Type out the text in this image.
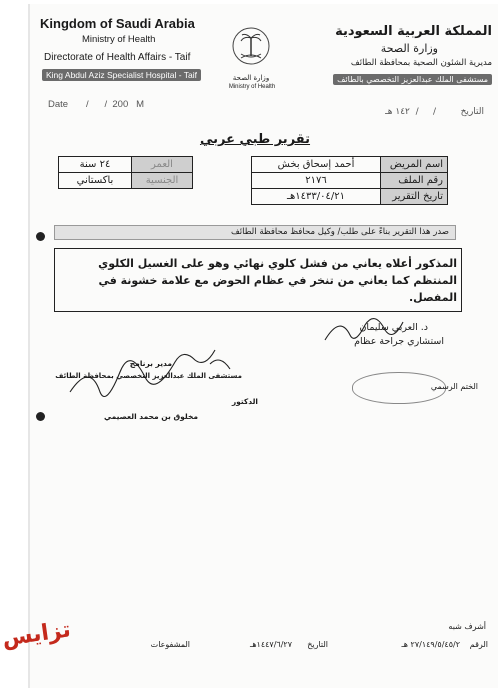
Kingdom of Saudi Arabia
Ministry of Health
Directorate of Health Affairs - Taif
King Abdul Aziz Specialist Hospital - Taif
Date /      /  200   M
وزارة الصحة
Ministry of Health
المملكة العربية السعودية
وزارة الصحة
مديرية الشئون الصحية بمحافظة الطائف
مستشفى الملك عبدالعزيز التخصصي بالطائف
التاريخ
/     /  ١٤٢ هـ
تقرير طبي عربي
أحمد إسحاق بخش	اسم المريض
٢١٧٦	رقم الملف
١٤٣٣/٠٤/٢١هـ	تاريخ التقرير
٢٤ سنة	العمر
باكستاني	الجنسية
صدر هذا التقرير بناءً على طلب/ وكيل محافظ محافظة الطائف
المذكور أعلاه يعاني من فشل كلوي نهائي وهو على الغسيل الكلوي المنتظم كما يعاني من تنخر في عظام الحوض مع علامة خشونة في المفصل.
د. العربي سليمان
استشاري جراحة عظام
مدير برنامج
مستشفى الملك عبدالعزيز التخصصي بمحافظة الطائف
الدكتور
مخلوق بن محمد العصيمي
الختم الرسمي
أشرف شبه
الرقم
٢٧/١٤٩/٥/٤٥/٢ هـ
التاريخ
١٤٤٧/٦/٢٧هـ
المشفوعات
تزايس
